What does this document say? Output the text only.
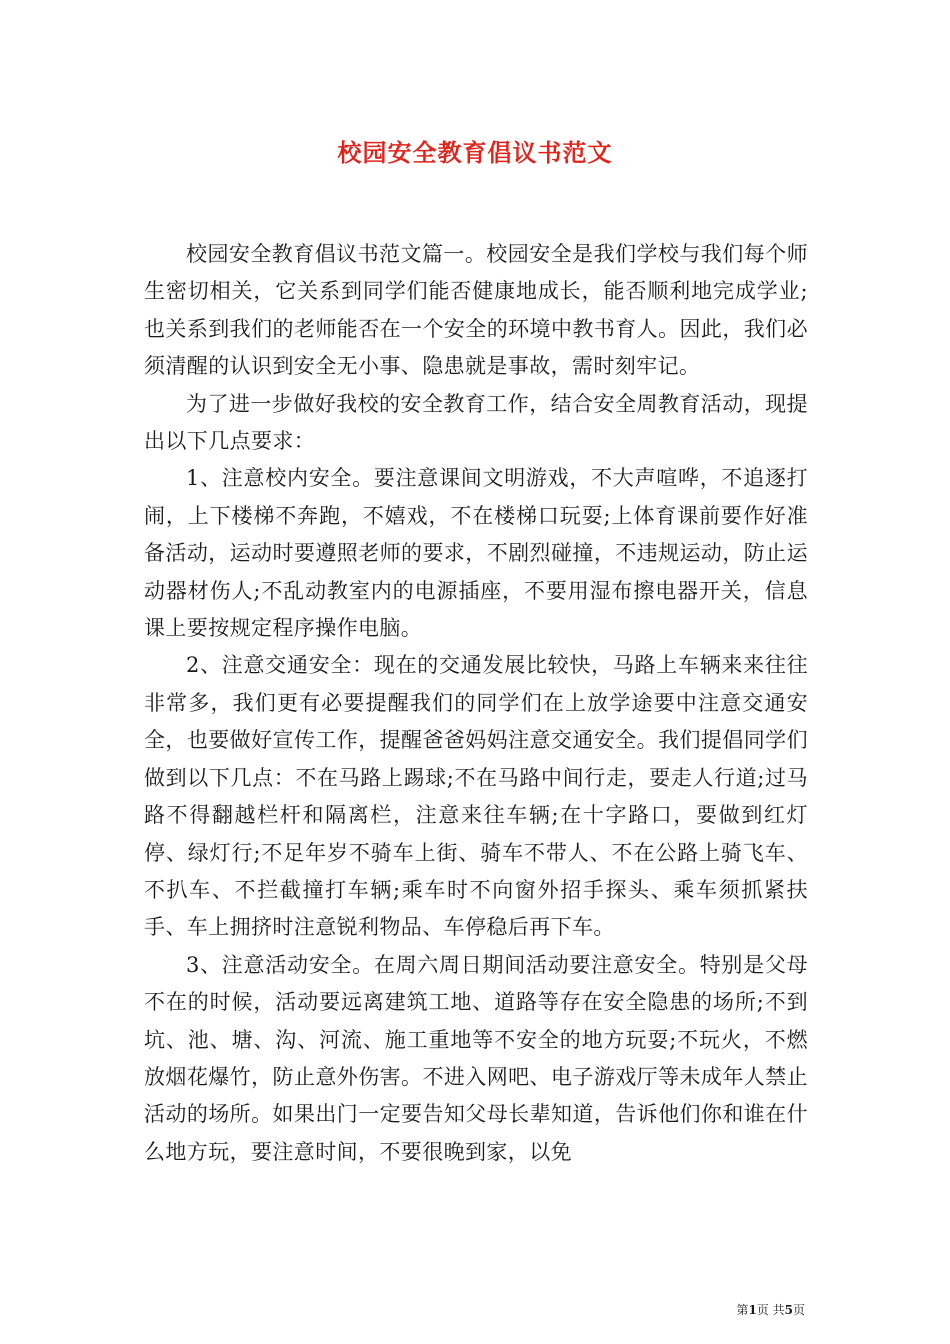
校园安全教育倡议书范文

校园安全教育倡议书范文篇一。校园安全是我们学校与我们每个师生密切相关，它关系到同学们能否健康地成长，能否顺利地完成学业;也关系到我们的老师能否在一个安全的环境中教书育人。因此，我们必须清醒的认识到安全无小事、隐患就是事故，需时刻牢记。

为了进一步做好我校的安全教育工作，结合安全周教育活动，现提出以下几点要求：

1、注意校内安全。要注意课间文明游戏，不大声喧哗，不追逐打闹，上下楼梯不奔跑，不嬉戏，不在楼梯口玩耍;上体育课前要作好准备活动，运动时要遵照老师的要求，不剧烈碰撞，不违规运动，防止运动器材伤人;不乱动教室内的电源插座，不要用湿布擦电器开关，信息课上要按规定程序操作电脑。

2、注意交通安全：现在的交通发展比较快，马路上车辆来来往往非常多，我们更有必要提醒我们的同学们在上放学途要中注意交通安全，也要做好宣传工作，提醒爸爸妈妈注意交通安全。我们提倡同学们做到以下几点：不在马路上踢球;不在马路中间行走，要走人行道;过马路不得翻越栏杆和隔离栏，注意来往车辆;在十字路口，要做到红灯停、绿灯行;不足年岁不骑车上街、骑车不带人、不在公路上骑飞车、不扒车、不拦截撞打车辆;乘车时不向窗外招手探头、乘车须抓紧扶手、车上拥挤时注意锐利物品、车停稳后再下车。

3、注意活动安全。在周六周日期间活动要注意安全。特别是父母不在的时候，活动要远离建筑工地、道路等存在安全隐患的场所;不到坑、池、塘、沟、河流、施工重地等不安全的地方玩耍;不玩火，不燃放烟花爆竹，防止意外伤害。不进入网吧、电子游戏厅等未成年人禁止活动的场所。如果出门一定要告知父母长辈知道，告诉他们你和谁在什么地方玩，要注意时间，不要很晚到家，以免

第1页 共5页
